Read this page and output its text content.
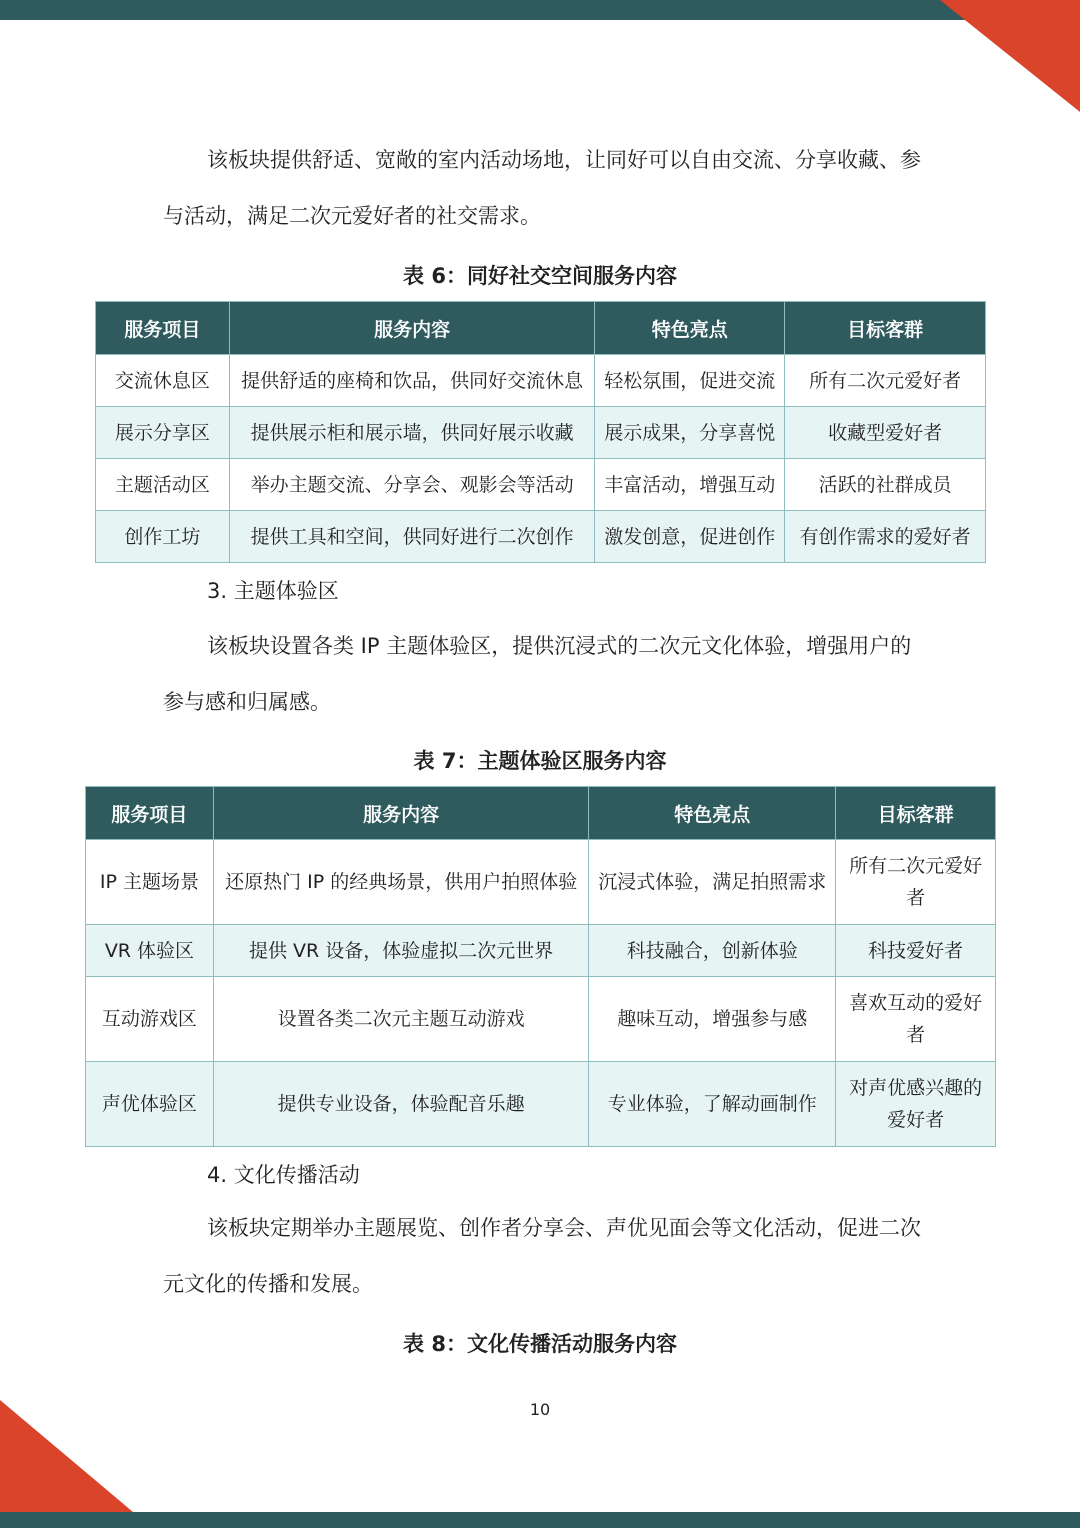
该板块提供舒适、宽敞的室内活动场地，让同好可以自由交流、分享收藏、参与活动，满足二次元爱好者的社交需求。

表 6：同好社交空间服务内容

服务项目	服务内容	特色亮点	目标客群
交流休息区	提供舒适的座椅和饮品，供同好交流休息	轻松氛围，促进交流	所有二次元爱好者
展示分享区	提供展示柜和展示墙，供同好展示收藏	展示成果，分享喜悦	收藏型爱好者
主题活动区	举办主题交流、分享会、观影会等活动	丰富活动，增强互动	活跃的社群成员
创作工坊	提供工具和空间，供同好进行二次创作	激发创意，促进创作	有创作需求的爱好者

3. 主题体验区

该板块设置各类 IP 主题体验区，提供沉浸式的二次元文化体验，增强用户的参与感和归属感。

表 7：主题体验区服务内容

服务项目	服务内容	特色亮点	目标客群
IP 主题场景	还原热门 IP 的经典场景，供用户拍照体验	沉浸式体验，满足拍照需求	所有二次元爱好者
VR 体验区	提供 VR 设备，体验虚拟二次元世界	科技融合，创新体验	科技爱好者
互动游戏区	设置各类二次元主题互动游戏	趣味互动，增强参与感	喜欢互动的爱好者
声优体验区	提供专业设备，体验配音乐趣	专业体验，了解动画制作	对声优感兴趣的爱好者

4. 文化传播活动

该板块定期举办主题展览、创作者分享会、声优见面会等文化活动，促进二次元文化的传播和发展。

表 8：文化传播活动服务内容

10
